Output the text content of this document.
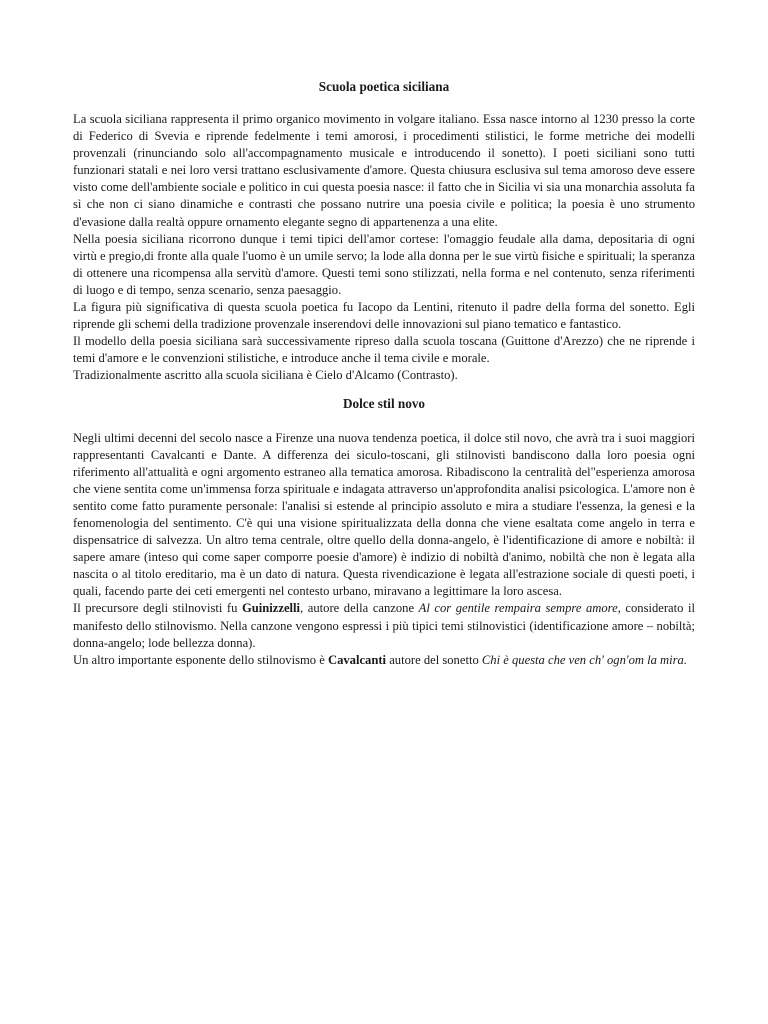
Scuola poetica siciliana

La scuola siciliana rappresenta il primo organico movimento in volgare italiano. Essa nasce intorno al 1230 presso la corte di Federico di Svevia e riprende fedelmente i temi amorosi, i procedimenti stilistici, le forme metriche dei modelli provenzali (rinunciando solo all'accompagnamento musicale e introducendo il sonetto). I poeti siciliani sono tutti funzionari statali e nei loro versi trattano esclusivamente d'amore. Questa chiusura esclusiva sul tema amoroso deve essere visto come dell'ambiente sociale e politico in cui questa poesia nasce: il fatto che in Sicilia vi sia una monarchia assoluta fa sì che non ci siano dinamiche e contrasti che possano nutrire una poesia civile e politica; la poesia è uno strumento d'evasione dalla realtà oppure ornamento elegante segno di appartenenza a una elite.

Nella poesia siciliana ricorrono dunque i temi tipici dell'amor cortese: l'omaggio feudale alla dama, depositaria di ogni virtù e pregio,di fronte alla quale l'uomo è un umile servo; la lode alla donna per le sue virtù fisiche e spirituali; la speranza di ottenere una ricompensa alla servitù d'amore. Questi temi sono stilizzati, nella forma e nel contenuto, senza riferimenti di luogo e di tempo, senza scenario, senza paesaggio.

La figura più significativa di questa scuola poetica fu Iacopo da Lentini, ritenuto il padre della forma del sonetto. Egli riprende gli schemi della tradizione provenzale inserendovi delle innovazioni sul piano tematico e fantastico.

Il modello della poesia siciliana sarà successivamente ripreso dalla scuola toscana (Guittone d'Arezzo) che ne riprende i temi d'amore e le convenzioni stilistiche, e introduce anche il tema civile e morale.

Tradizionalmente ascritto alla scuola siciliana è Cielo d'Alcamo (Contrasto).

Dolce stil novo

Negli ultimi decenni del secolo nasce a Firenze una nuova tendenza poetica, il dolce stil novo, che avrà tra i suoi maggiori rappresentanti Cavalcanti e Dante. A differenza dei siculo-toscani, gli stilnovisti bandiscono dalla loro poesia ogni riferimento all'attualità e ogni argomento estraneo alla tematica amorosa. Ribadiscono la centralità del"esperienza amorosa che viene sentita come un'immensa forza spirituale e indagata attraverso un'approfondita analisi psicologica. L'amore non è sentito come fatto puramente personale: l'analisi si estende al principio assoluto e mira a studiare l'essenza, la genesi e la fenomenologia del sentimento. C'è qui una visione spiritualizzata della donna che viene esaltata come angelo in terra e dispensatrice di salvezza. Un altro tema centrale, oltre quello della donna-angelo, è l'identificazione di amore e nobiltà: il sapere amare (inteso qui come saper comporre poesie d'amore) è indizio di nobiltà d'animo, nobiltà che non è legata alla nascita o al titolo ereditario, ma è un dato di natura. Questa rivendicazione è legata all'estrazione sociale di questi poeti, i quali, facendo parte dei ceti emergenti nel contesto urbano, miravano a legittimare la loro ascesa.

Il precursore degli stilnovisti fu Guinizzelli, autore della canzone Al cor gentile rempaira sempre amore, considerato il manifesto dello stilnovismo. Nella canzone vengono espressi i più tipici temi stilnovistici (identificazione amore – nobiltà; donna-angelo; lode bellezza donna).

Un altro importante esponente dello stilnovismo è Cavalcanti autore del sonetto Chi è questa che ven ch' ogn'om la mira.
